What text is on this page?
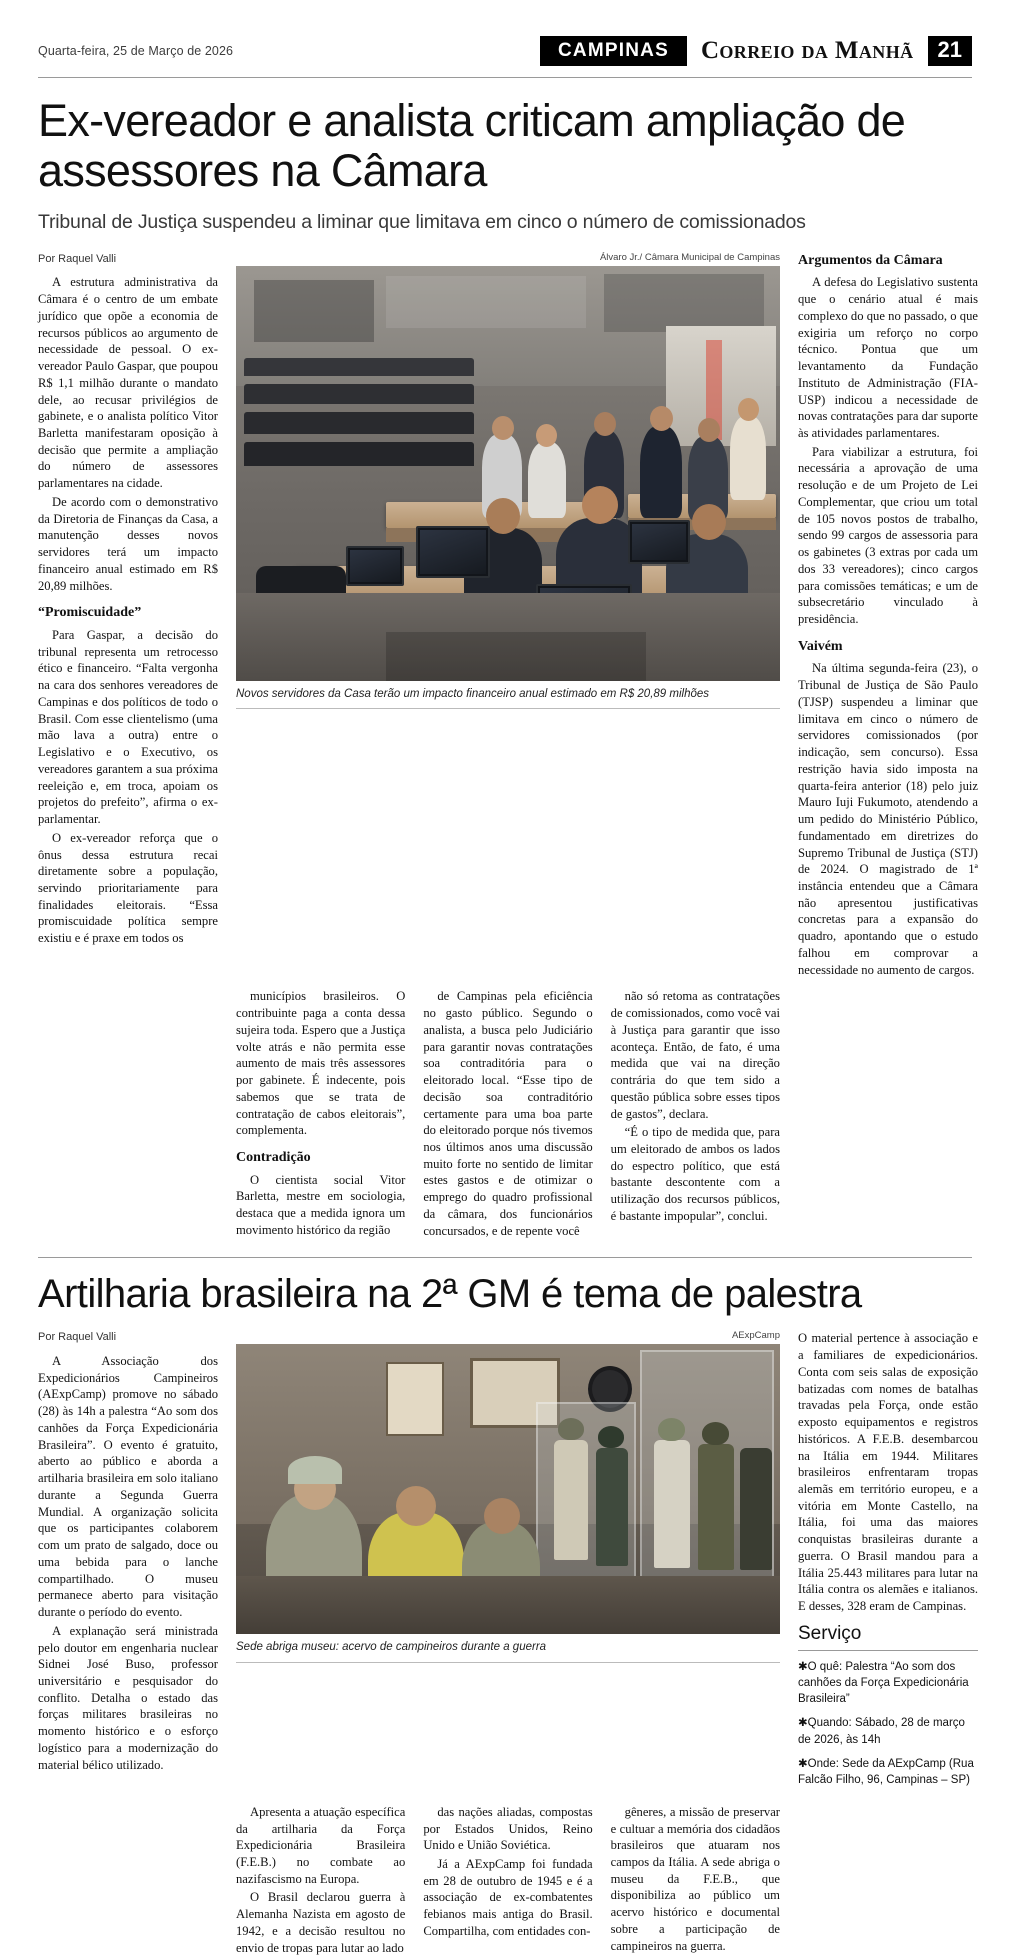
Quarta-feira, 25 de Março de 2026	CAMPINAS	Correio da Manhã	21
Ex-vereador e analista criticam ampliação de assessores na Câmara
Tribunal de Justiça suspendeu a liminar que limitava em cinco o número de comissionados
Por Raquel Valli

A estrutura administrativa da Câmara é o centro de um embate jurídico que opõe a economia de recursos públicos ao argumento de necessidade de pessoal. O ex-vereador Paulo Gaspar, que poupou R$ 1,1 milhão durante o mandato dele, ao recusar privilégios de gabinete, e o analista político Vitor Barletta manifestaram oposição à decisão que permite a ampliação do número de assessores parlamentares na cidade.

De acordo com o demonstrativo da Diretoria de Finanças da Casa, a manutenção desses novos servidores terá um impacto financeiro anual estimado em R$ 20,89 milhões.

“Promiscuidade”

Para Gaspar, a decisão do tribunal representa um retrocesso ético e financeiro. “Falta vergonha na cara dos senhores vereadores de Campinas e dos políticos de todo o Brasil. Com esse clientelismo (uma mão lava a outra) entre o Legislativo e o Executivo, os vereadores garantem a sua próxima reeleição e, em troca, apoiam os projetos do prefeito”, afirma o ex-parlamentar.

O ex-vereador reforça que o ônus dessa estrutura recai diretamente sobre a população, servindo prioritariamente para finalidades eleitorais. “Essa promiscuidade política sempre existiu e é praxe em todos os

Álvaro Jr./ Câmara Municipal de Campinas
Novos servidores da Casa terão um impacto financeiro anual estimado em R$ 20,89 milhões
Argumentos da Câmara

A defesa do Legislativo sustenta que o cenário atual é mais complexo do que no passado, o que exigiria um reforço no corpo técnico. Pontua que um levantamento da Fundação Instituto de Administração (FIA-USP) indicou a necessidade de novas contratações para dar suporte às atividades parlamentares.

Para viabilizar a estrutura, foi necessária a aprovação de uma resolução e de um Projeto de Lei Complementar, que criou um total de 105 novos postos de trabalho, sendo 99 cargos de assessoria para os gabinetes (3 extras por cada um dos 33 vereadores); cinco cargos para comissões temáticas; e um de subsecretário vinculado à presidência.

Vaivém

Na última segunda-feira (23), o Tribunal de Justiça de São Paulo (TJSP) suspendeu a liminar que limitava em cinco o número de servidores comissionados (por indicação, sem concurso). Essa restrição havia sido imposta na quarta-feira anterior (18) pelo juiz Mauro Iuji Fukumoto, atendendo a um pedido do Ministério Público, fundamentado em diretrizes do Supremo Tribunal de Justiça (STJ) de 2024. O magistrado de 1ª instância entendeu que a Câmara não apresentou justificativas concretas para a expansão do quadro, apontando que o estudo falhou em comprovar a necessidade no aumento de cargos.

municípios brasileiros. O contribuinte paga a conta dessa sujeira toda. Espero que a Justiça volte atrás e não permita esse aumento de mais três assessores por gabinete. É indecente, pois sabemos que se trata de contratação de cabos eleitorais”, complementa.

Contradição

O cientista social Vitor Barletta, mestre em sociologia, destaca que a medida ignora um movimento histórico da região

de Campinas pela eficiência no gasto público. Segundo o analista, a busca pelo Judiciário para garantir novas contratações soa contraditória para o eleitorado local. “Esse tipo de decisão soa contraditório certamente para uma boa parte do eleitorado porque nós tivemos nos últimos anos uma discussão muito forte no sentido de limitar estes gastos e de otimizar o emprego do quadro profissional da câmara, dos funcionários concursados, e de repente você

não só retoma as contratações de comissionados, como você vai à Justiça para garantir que isso aconteça. Então, de fato, é uma medida que vai na direção contrária do que tem sido a questão pública sobre esses tipos de gastos”, declara.

“É o tipo de medida que, para um eleitorado de ambos os lados do espectro político, que está bastante descontente com a utilização dos recursos públicos, é bastante impopular”, conclui.

Artilharia brasileira na 2ª GM é tema de palestra
Por Raquel Valli

A Associação dos Expedicionários Campineiros (AExpCamp) promove no sábado (28) às 14h a palestra “Ao som dos canhões da Força Expedicionária Brasileira”. O evento é gratuito, aberto ao público e aborda a artilharia brasileira em solo italiano durante a Segunda Guerra Mundial. A organização solicita que os participantes colaborem com um prato de salgado, doce ou uma bebida para o lanche compartilhado. O museu permanece aberto para visitação durante o período do evento.

A explanação será ministrada pelo doutor em engenharia nuclear Sidnei José Buso, professor universitário e pesquisador do conflito. Detalha o estado das forças militares brasileiras no momento histórico e o esforço logístico para a modernização do material bélico utilizado.

AExpCamp
Sede abriga museu: acervo de campineiros durante a guerra

O material pertence à associação e a familiares de expedicionários. Conta com seis salas de exposição batizadas com nomes de batalhas travadas pela Força, onde estão exposto equipamentos e registros históricos. A F.E.B. desembarcou na Itália em 1944. Militares brasileiros enfrentaram tropas alemãs em território europeu, e a vitória em Monte Castello, na Itália, foi uma das maiores conquistas brasileiras durante a guerra. O Brasil mandou para a Itália 25.443 militares para lutar na Itália contra os alemães e italianos. E desses, 328 eram de Campinas.

Serviço

✱O quê: Palestra “Ao som dos canhões da Força Expedicionária Brasileira”

✱Quando: Sábado, 28 de março de 2026, às 14h

✱Onde: Sede da AExpCamp (Rua Falcão Filho, 96, Campinas – SP)

Apresenta a atuação específica da artilharia da Força Expedicionária Brasileira (F.E.B.) no combate ao nazifascismo na Europa.

O Brasil declarou guerra à Alemanha Nazista em agosto de 1942, e a decisão resultou no envio de tropas para lutar ao lado

das nações aliadas, compostas por Estados Unidos, Reino Unido e União Soviética.

Já a AExpCamp foi fundada em 28 de outubro de 1945 e é a associação de ex-combatentes febianos mais antiga do Brasil. Compartilha, com entidades con-

gêneres, a missão de preservar e cultuar a memória dos cidadãos brasileiros que atuaram nos campos da Itália. A sede abriga o museu da F.E.B., que disponibiliza ao público um acervo histórico e documental sobre a participação de campineiros na guerra.
